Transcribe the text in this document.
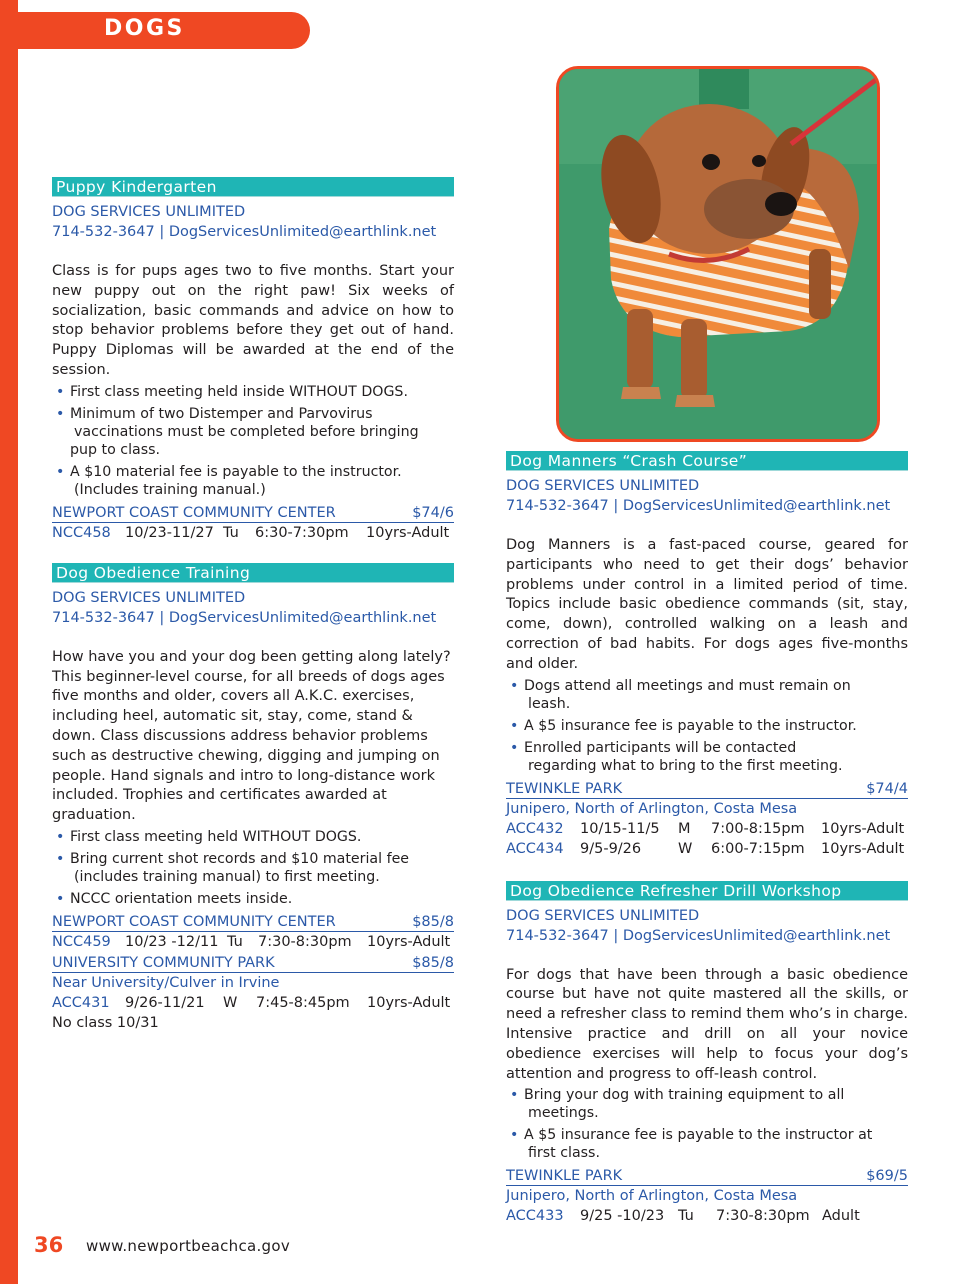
DOGS
Puppy Kindergarten
DOG SERVICES UNLIMITED
714-532-3647 | DogServicesUnlimited@earthlink.net
Class is for pups ages two to five months. Start your new puppy out on the right paw! Six weeks of socialization, basic commands and advice on how to stop behavior problems before they get out of hand. Puppy Diplomas will be awarded at the end of the session.
• First class meeting held inside WITHOUT DOGS.
• Minimum of two Distemper and Parvovirus
vaccinations must be completed before bringing pup to class.
• A $10 material fee is payable to the instructor.
(Includes training manual.)
NEWPORT COAST COMMUNITY CENTER	$74/6
NCC458 10/23-11/27 Tu	6:30-7:30pm	10yrs-Adult
Dog Obedience Training
DOG SERVICES UNLIMITED
714-532-3647 | DogServicesUnlimited@earthlink.net
How have you and your dog been getting along lately? This beginner-level course, for all breeds of dogs ages five months and older, covers all A.K.C. exercises, including heel, automatic sit, stay, come, stand & down. Class discussions address behavior problems such as destructive chewing, digging and jumping on people. Hand signals and intro to long-distance work included. Trophies and certificates awarded at graduation.
• First class meeting held WITHOUT DOGS.
• Bring current shot records and $10 material fee
(includes training manual) to first meeting.
• NCCC orientation meets inside.
NEWPORT COAST COMMUNITY CENTER	$85/8
NCC459 10/23 -12/11 Tu	7:30-8:30pm	10yrs-Adult
UNIVERSITY COMMUNITY PARK	$85/8
Near University/Culver in Irvine
ACC431	9/26-11/21	W	7:45-8:45pm	10yrs-Adult
No class 10/31
Dog Manners “Crash Course”
DOG SERVICES UNLIMITED
714-532-3647 | DogServicesUnlimited@earthlink.net
Dog Manners is a fast-paced course, geared for participants who need to get their dogs’ behavior problems under control in a limited period of time. Topics include basic obedience commands (sit, stay, come, down), controlled walking on a leash and correction of bad habits. For dogs ages five-months and older.
• Dogs attend all meetings and must remain on
leash.
• A $5 insurance fee is payable to the instructor.
• Enrolled participants will be contacted
regarding what to bring to the first meeting.
TEWINKLE PARK	$74/4
Junipero, North of Arlington, Costa Mesa
ACC432	10/15-11/5	M	7:00-8:15pm	10yrs-Adult
ACC434	9/5-9/26	W	6:00-7:15pm	10yrs-Adult
Dog Obedience Refresher Drill Workshop
DOG SERVICES UNLIMITED
714-532-3647 | DogServicesUnlimited@earthlink.net
For dogs that have been through a basic obedience course but have not quite mastered all the skills, or need a refresher class to remind them who’s in charge. Intensive practice and drill on all your novice obedience exercises will help to focus your dog’s attention and progress to off-leash control.
• Bring your dog with training equipment to all
meetings.
• A $5 insurance fee is payable to the instructor at
first class.
TEWINKLE PARK	$69/5
Junipero, North of Arlington, Costa Mesa
ACC433	9/25 -10/23 Tu	7:30-8:30pm Adult
36 www.newportbeachca.gov
